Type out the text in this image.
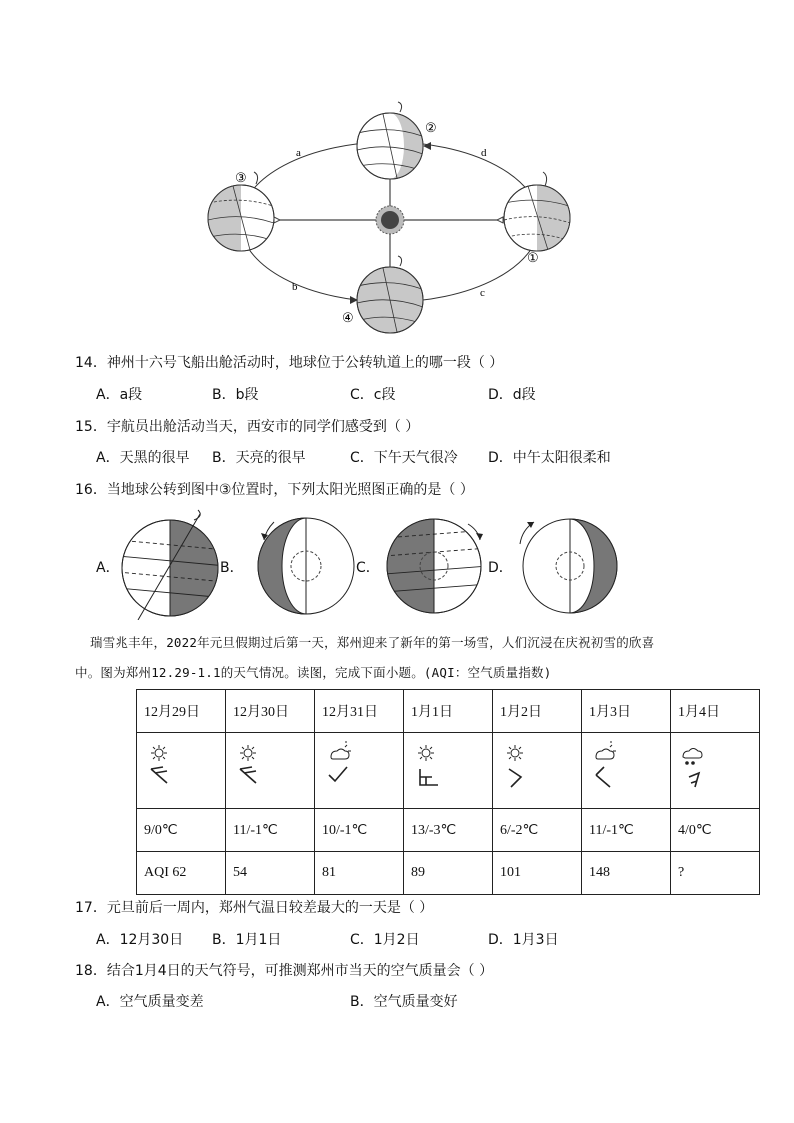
①
②
③
④
a	d
b	c
14．神州十六号飞船出舱活动时，地球位于公转轨道上的哪一段（ ）
A．a段	B．b段	C．c段	D．d段
15．宇航员出舱活动当天，西安市的同学们感受到（ ）
A．天黑的很早 B．天亮的很早	C．下午天气很冷 D．中午太阳很柔和
16．当地球公转到图中③位置时，下列太阳光照图正确的是（ ）
A．	B．	C．	D．
瑞雪兆丰年，2022年元旦假期过后第一天，郑州迎来了新年的第一场雪，人们沉浸在庆祝初雪的欣喜
中。图为郑州12.29-1.1的天气情况。读图，完成下面小题。(AQI：空气质量指数)
12月29日	12月30日	12月31日	1月1日	1月2日	1月3日	1月4日

9/0℃	11/-1℃	10/-1℃	13/-3℃	6/-2℃	11/-1℃	4/0℃
AQI 62	54	81	89	101	148	?
17．元旦前后一周内，郑州气温日较差最大的一天是（ ）
A．12月30日 B．1月1日	C．1月2日	D．1月3日
18．结合1月4日的天气符号，可推测郑州市当天的空气质量会（ ）
A．空气质量变差	B．空气质量变好
